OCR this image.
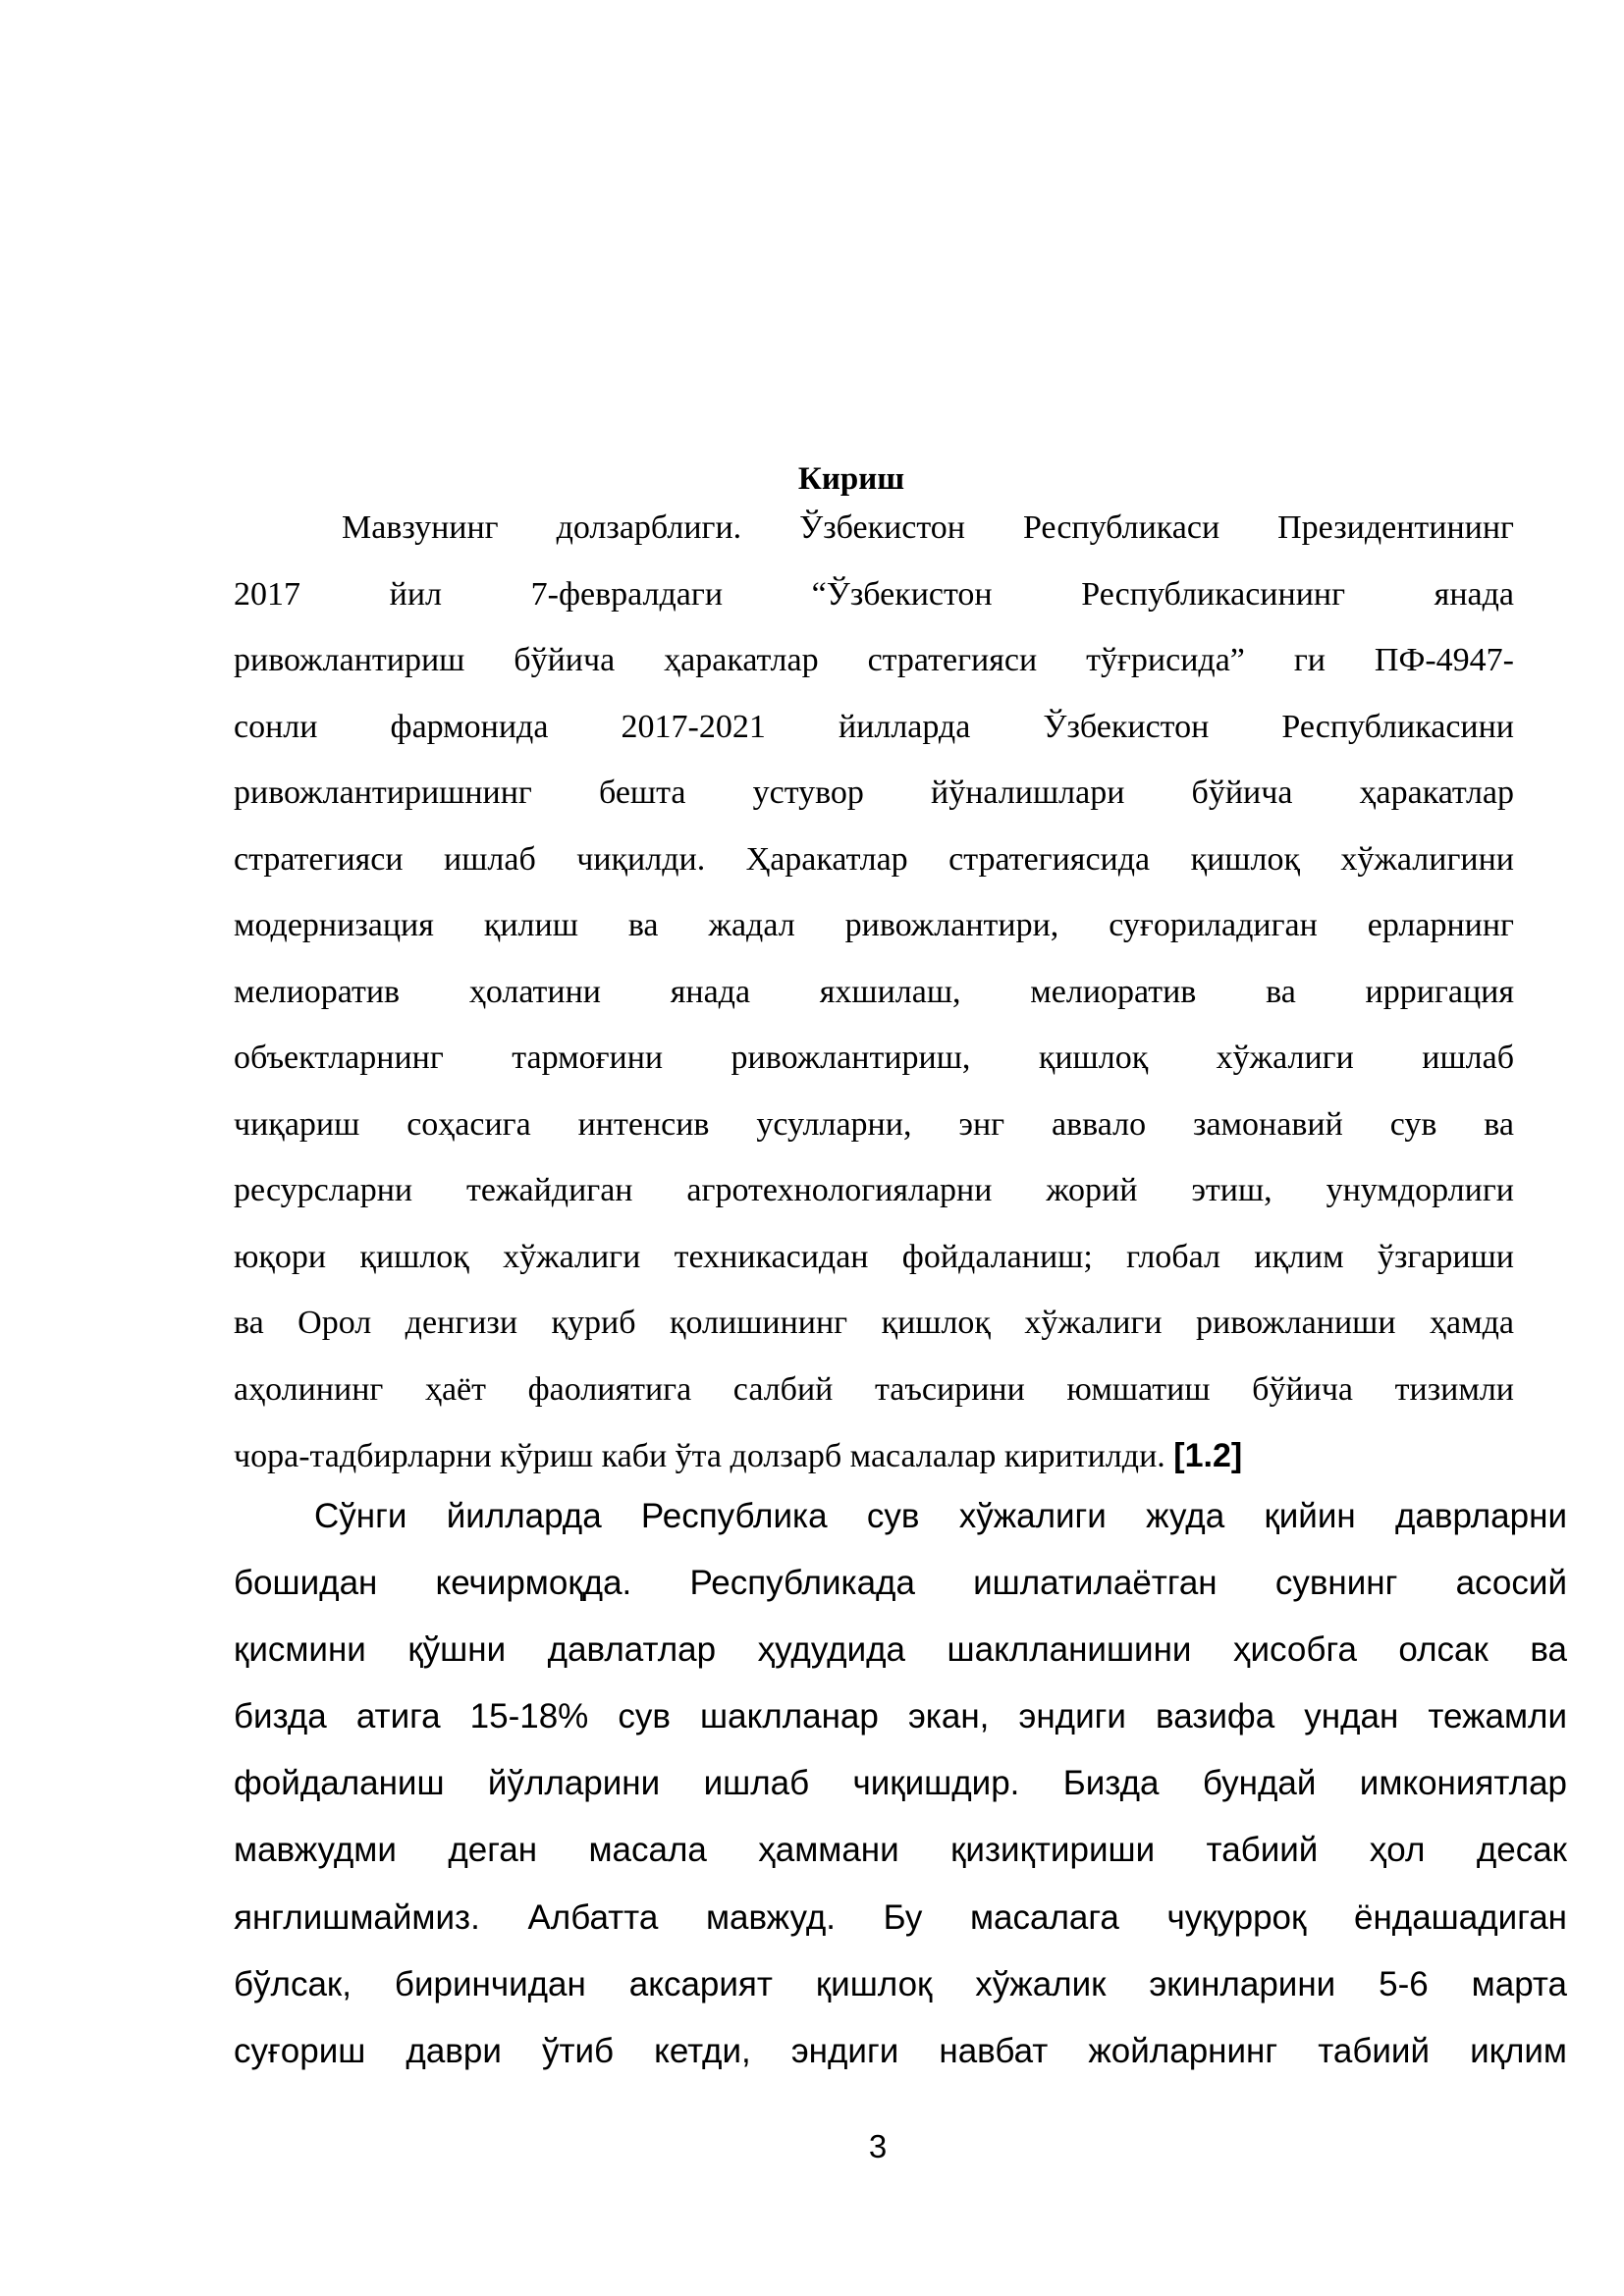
Кириш
Мавзунинг долзарблиги. Ўзбекистон Республикаси Президентининг
2017 йил 7-февралдаги “Ўзбекистон Республикасининг янада
ривожлантириш бўйича ҳаракатлар стратегияси тўғрисида” ги ПФ-4947-
сонли фармонида 2017-2021 йилларда Ўзбекистон Республикасини
ривожлантиришнинг бешта устувор йўналишлари бўйича ҳаракатлар
стратегияси ишлаб чиқилди. Ҳаракатлар стратегиясида қишлоқ хўжалигини
модернизация қилиш ва жадал ривожлантири, суғориладиган ерларнинг
мелиоратив ҳолатини янада яхшилаш, мелиоратив ва ирригация
объектларнинг тармоғини ривожлантириш, қишлоқ хўжалиги ишлаб
чиқариш соҳасига интенсив усулларни, энг аввало замонавий сув ва
ресурсларни тежайдиган агротехнологияларни жорий этиш, унумдорлиги
юқори қишлоқ хўжалиги техникасидан фойдаланиш; глобал иқлим ўзгариши
ва Орол денгизи қуриб қолишининг қишлоқ хўжалиги ривожланиши ҳамда
аҳолининг ҳаёт фаолиятига салбий таъсирини юмшатиш бўйича тизимли
чора-тадбирларни кўриш каби ўта долзарб масалалар киритилди. [1.2]
Сўнги йилларда Республика сув хўжалиги жуда қийин даврларни
бошидан кечирмоқда. Республикада ишлатилаётган сувнинг асосий
қисмини қўшни давлатлар ҳудудида шаклланишини ҳисобга олсак ва
бизда атига 15-18% сув шаклланар экан, эндиги вазифа ундан тежамли
фойдаланиш йўлларини ишлаб чиқишдир. Бизда бундай имкониятлар
мавжудми деган масала ҳаммани қизиқтириши табиий ҳол десак
янглишмаймиз. Албатта мавжуд. Бу масалага чуқурроқ ёндашадиган
бўлсак, биринчидан аксарият қишлоқ хўжалик экинларини 5-6 марта
суғориш даври ўтиб кетди, эндиги навбат жойларнинг табиий иқлим
3
